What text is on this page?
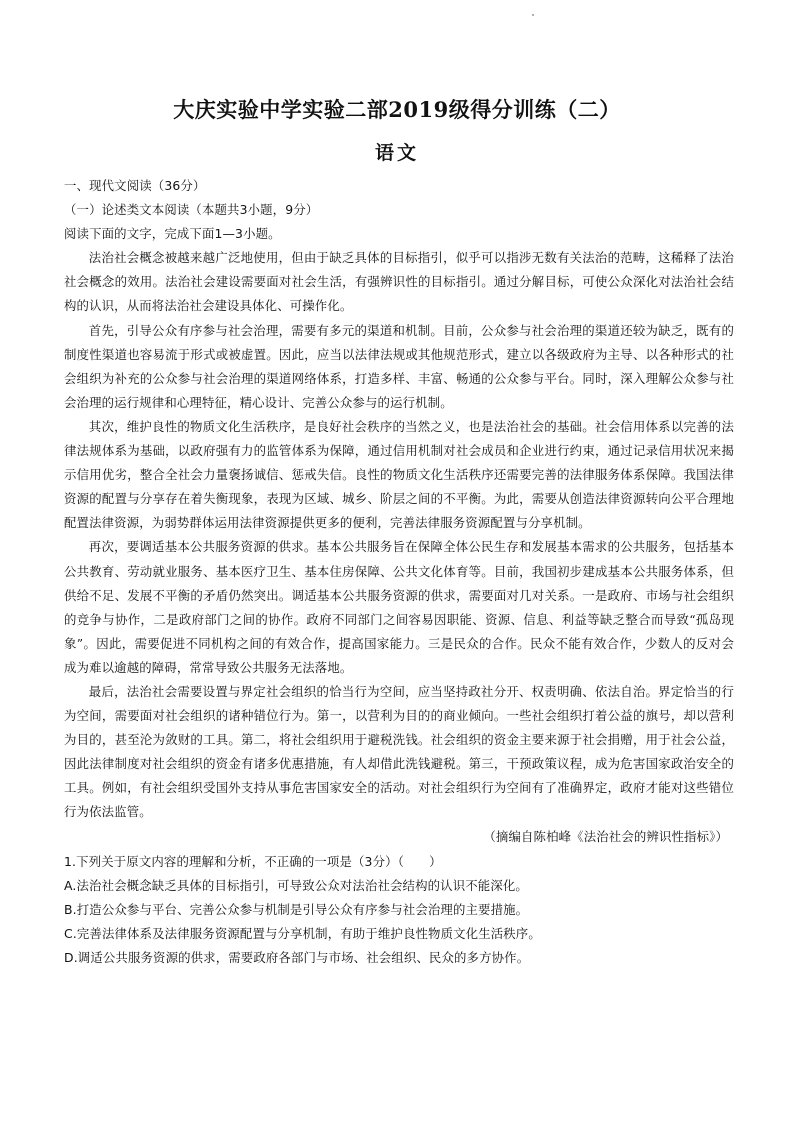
大庆实验中学实验二部2019级得分训练（二）
语文

一、现代文阅读（36分）

（一）论述类文本阅读（本题共3小题，9分）

阅读下面的文字，完成下面1—3小题。

法治社会概念被越来越广泛地使用，但由于缺乏具体的目标指引，似乎可以指涉无数有关法治的范畴，这稀释了法治社会概念的效用。法治社会建设需要面对社会生活，有强辨识性的目标指引。通过分解目标，可使公众深化对法治社会结构的认识，从而将法治社会建设具体化、可操作化。

首先，引导公众有序参与社会治理，需要有多元的渠道和机制。目前，公众参与社会治理的渠道还较为缺乏，既有的制度性渠道也容易流于形式或被虚置。因此，应当以法律法规或其他规范形式，建立以各级政府为主导、以各种形式的社会组织为补充的公众参与社会治理的渠道网络体系，打造多样、丰富、畅通的公众参与平台。同时，深入理解公众参与社会治理的运行规律和心理特征，精心设计、完善公众参与的运行机制。

其次，维护良性的物质文化生活秩序，是良好社会秩序的当然之义，也是法治社会的基础。社会信用体系以完善的法律法规体系为基础，以政府强有力的监管体系为保障，通过信用机制对社会成员和企业进行约束，通过记录信用状况来揭示信用优劣，整合全社会力量褒扬诚信、惩戒失信。良性的物质文化生活秩序还需要完善的法律服务体系保障。我国法律资源的配置与分享存在着失衡现象，表现为区域、城乡、阶层之间的不平衡。为此，需要从创造法律资源转向公平合理地配置法律资源，为弱势群体运用法律资源提供更多的便利，完善法律服务资源配置与分享机制。

再次，要调适基本公共服务资源的供求。基本公共服务旨在保障全体公民生存和发展基本需求的公共服务，包括基本公共教育、劳动就业服务、基本医疗卫生、基本住房保障、公共文化体育等。目前，我国初步建成基本公共服务体系，但供给不足、发展不平衡的矛盾仍然突出。调适基本公共服务资源的供求，需要面对几对关系。一是政府、市场与社会组织的竞争与协作，二是政府部门之间的协作。政府不同部门之间容易因职能、资源、信息、利益等缺乏整合而导致“孤岛现象”。因此，需要促进不同机构之间的有效合作，提高国家能力。三是民众的合作。民众不能有效合作，少数人的反对会成为难以逾越的障碍，常常导致公共服务无法落地。

最后，法治社会需要设置与界定社会组织的恰当行为空间，应当坚持政社分开、权责明确、依法自治。界定恰当的行为空间，需要面对社会组织的诸种错位行为。第一，以营利为目的的商业倾向。一些社会组织打着公益的旗号，却以营利为目的，甚至沦为敛财的工具。第二，将社会组织用于避税洗钱。社会组织的资金主要来源于社会捐赠，用于社会公益，因此法律制度对社会组织的资金有诸多优惠措施，有人却借此洗钱避税。第三，干预政策议程，成为危害国家政治安全的工具。例如，有社会组织受国外支持从事危害国家安全的活动。对社会组织行为空间有了准确界定，政府才能对这些错位行为依法监管。

（摘编自陈柏峰《法治社会的辨识性指标》）

1.下列关于原文内容的理解和分析，不正确的一项是（3分）（　　）

A.法治社会概念缺乏具体的目标指引，可导致公众对法治社会结构的认识不能深化。

B.打造公众参与平台、完善公众参与机制是引导公众有序参与社会治理的主要措施。

C.完善法律体系及法律服务资源配置与分享机制，有助于维护良性物质文化生活秩序。

D.调适公共服务资源的供求，需要政府各部门与市场、社会组织、民众的多方协作。
